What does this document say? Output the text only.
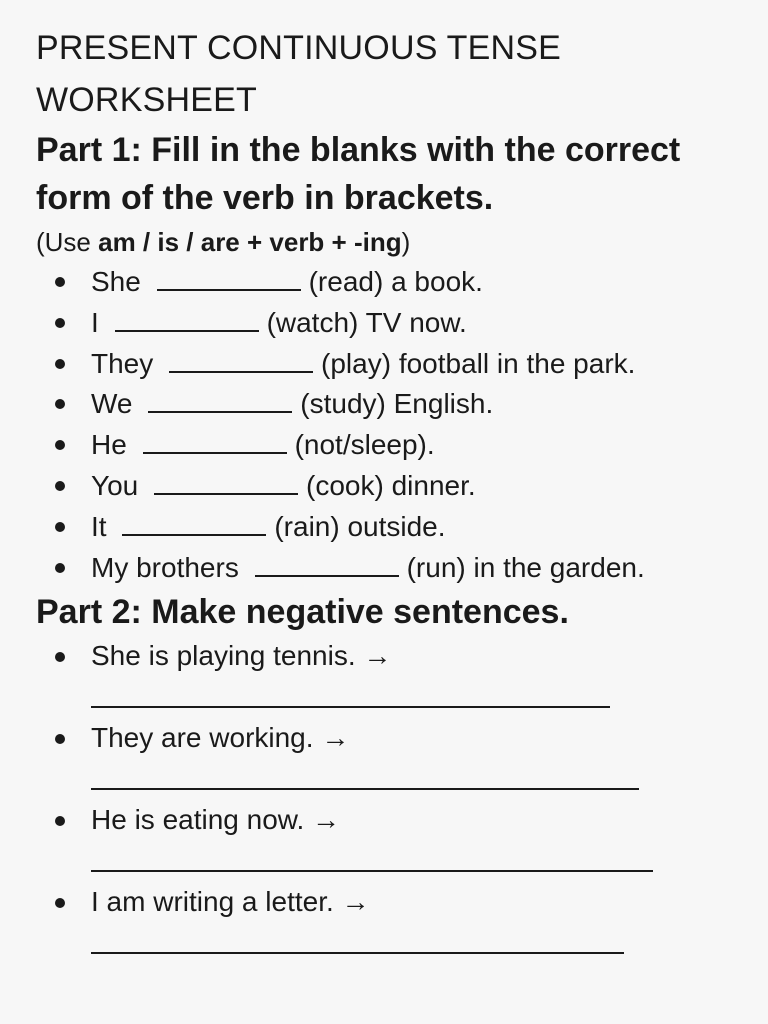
PRESENT CONTINUOUS TENSE
WORKSHEET
Part 1: Fill in the blanks with the correct
form of the verb in brackets.

(Use am / is / are + verb + -ing)

She	(read) a book.
I	(watch) TV now.
They	(play) football in the park.
We	(study) English.
He	(not/sleep).
You	(cook) dinner.
It	(rain) outside.
My brothers	(run) in the garden.
Part 2: Make negative sentences.
She is playing tennis. →
They are working. →
He is eating now. →
I am writing a letter. →
